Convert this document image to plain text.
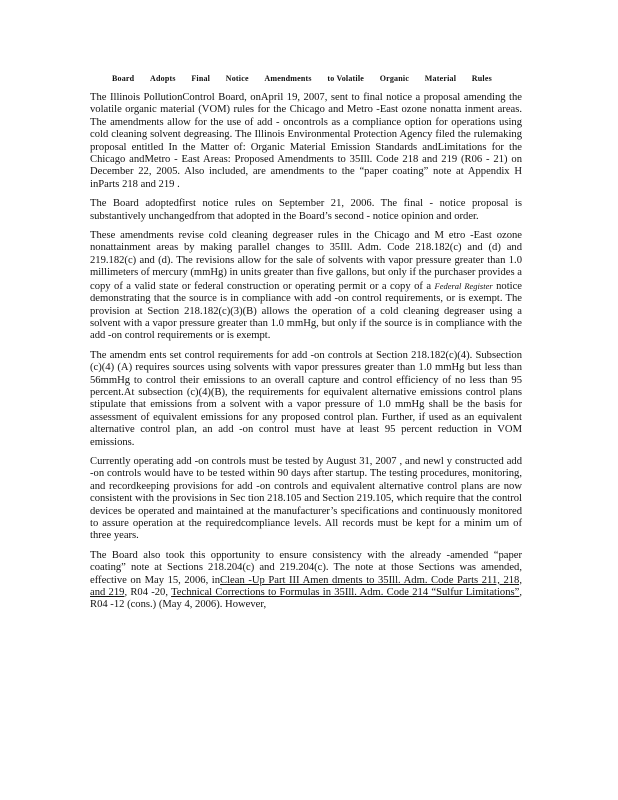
Board Adopts Final Notice Amendments to Volatile Organic Material Rules

The Illinois PollutionControl Board, onApril 19, 2007, sent to final notice a proposal amending the volatile organic material (VOM) rules for the Chicago and Metro -East ozone nonatta inment areas. The amendments allow for the use of add - oncontrols as a compliance option for operations using cold cleaning solvent degreasing. The Illinois Environmental Protection Agency filed the rulemaking proposal entitled In the Matter of: Organic Material Emission Standards andLimitations for the Chicago andMetro - East Areas: Proposed Amendments to 35Ill. Code 218 and 219 (R06 - 21) on December 22, 2005. Also included, are amendments to the “paper coating” note at Appendix H inParts 218 and 219 .

The Board adoptedfirst notice rules on September 21, 2006. The final - notice proposal is substantively unchangedfrom that adopted in the Board’s second - notice opinion and order.

These amendments revise cold cleaning degreaser rules in the Chicago and M etro -East ozone nonattainment areas by making parallel changes to 35Ill. Adm. Code 218.182(c) and (d) and 219.182(c) and (d). The revisions allow for the sale of solvents with vapor pressure greater than 1.0 millimeters of mercury (mmHg) in units greater than five gallons, but only if the purchaser provides a copy of a valid state or federal construction or operating permit or a copy of a Federal Register notice demonstrating that the source is in compliance with add -on control requirements, or is exempt. The provision at Section 218.182(c)(3)(B) allows the operation of a cold cleaning degreaser using a solvent with a vapor pressure greater than 1.0 mmHg, but only if the source is in compliance with the add -on control requirements or is exempt.

The amendm ents set control requirements for add -on controls at Section 218.182(c)(4). Subsection (c)(4) (A) requires sources using solvents with vapor pressures greater than 1.0 mmHg but less than 56mmHg to control their emissions to an overall capture and control efficiency of no less than 95 percent.At subsection (c)(4)(B), the requirements for equivalent alternative emissions control plans stipulate that emissions from a solvent with a vapor pressure of 1.0 mmHg shall be the basis for assessment of equivalent emissions for any proposed control plan. Further, if used as an equivalent alternative control plan, an add -on control must have at least 95 percent reduction in VOM emissions.

Currently operating add -on controls must be tested by August 31, 2007 , and newl y constructed add -on controls would have to be tested within 90 days after startup. The testing procedures, monitoring, and recordkeeping provisions for add -on controls and equivalent alternative control plans are now consistent with the provisions in Sec tion 218.105 and Section 219.105, which require that the control devices be operated and maintained at the manufacturer’s specifications and continuously monitored to assure operation at the requiredcompliance levels. All records must be kept for a minim um of three years.

The Board also took this opportunity to ensure consistency with the already -amended “paper coating” note at Sections 218.204(c) and 219.204(c). The note at those Sections was amended, effective on May 15, 2006, inClean -Up Part III Amen dments to 35Ill. Adm. Code Parts 211, 218, and 219, R04 -20, Technical Corrections to Formulas in 35Ill. Adm. Code 214 “Sulfur Limitations”, R04 -12 (cons.) (May 4, 2006). However,
